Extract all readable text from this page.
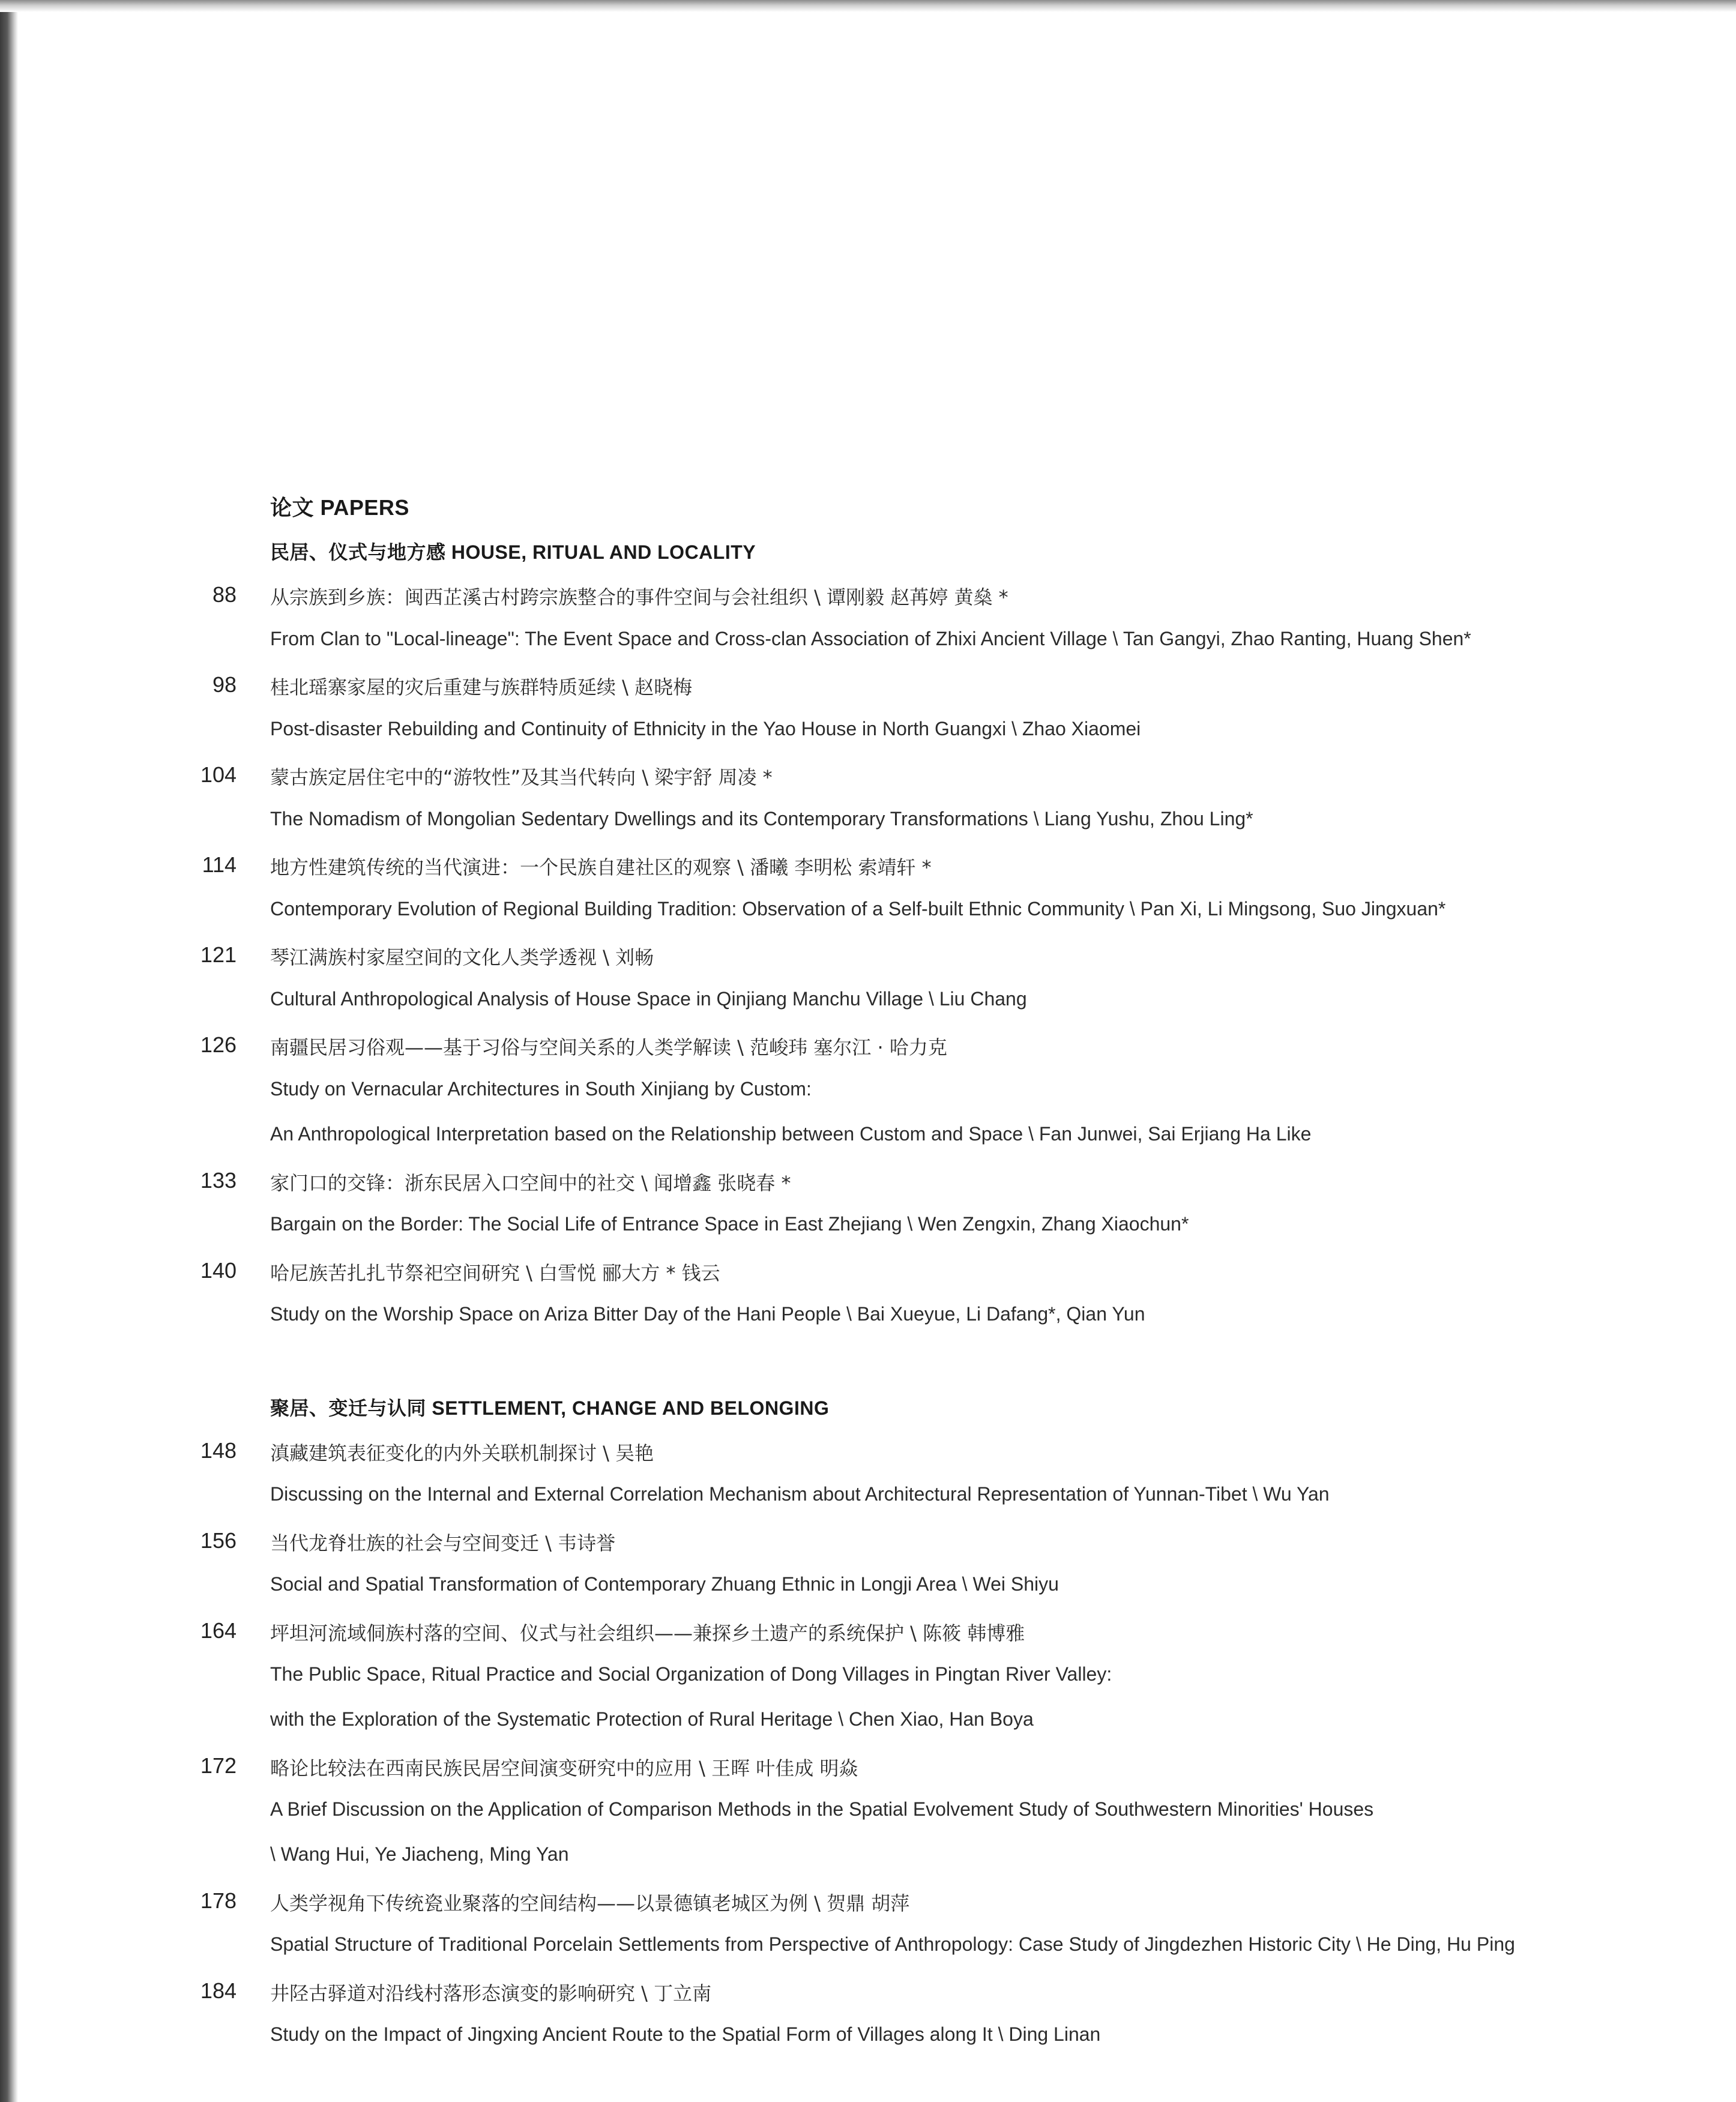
论文 PAPERS
民居、仪式与地方感 HOUSE, RITUAL AND LOCALITY
88 从宗族到乡族：闽西芷溪古村跨宗族整合的事件空间与会社组织 \ 谭刚毅 赵苒婷 黄燊 *
From Clan to "Local-lineage": The Event Space and Cross-clan Association of Zhixi Ancient Village \ Tan Gangyi, Zhao Ranting, Huang Shen*
98 桂北瑶寨家屋的灾后重建与族群特质延续 \ 赵晓梅
Post-disaster Rebuilding and Continuity of Ethnicity in the Yao House in North Guangxi \ Zhao Xiaomei
104 蒙古族定居住宅中的“游牧性”及其当代转向 \ 梁宇舒 周凌 *
The Nomadism of Mongolian Sedentary Dwellings and its Contemporary Transformations \ Liang Yushu, Zhou Ling*
114 地方性建筑传统的当代演进：一个民族自建社区的观察 \ 潘曦 李明松 索靖轩 *
Contemporary Evolution of Regional Building Tradition: Observation of a Self-built Ethnic Community \ Pan Xi, Li Mingsong, Suo Jingxuan*
121 琴江满族村家屋空间的文化人类学透视 \ 刘畅
Cultural Anthropological Analysis of House Space in Qinjiang Manchu Village \ Liu Chang
126 南疆民居习俗观——基于习俗与空间关系的人类学解读 \ 范峻玮 塞尔江 · 哈力克
Study on Vernacular Architectures in South Xinjiang by Custom:
An Anthropological Interpretation based on the Relationship between Custom and Space \ Fan Junwei, Sai Erjiang Ha Like
133 家门口的交锋：浙东民居入口空间中的社交 \ 闻增鑫 张晓春 *
Bargain on the Border: The Social Life of Entrance Space in East Zhejiang \ Wen Zengxin, Zhang Xiaochun*
140 哈尼族苦扎扎节祭祀空间研究 \ 白雪悦 郦大方 * 钱云
Study on the Worship Space on Ariza Bitter Day of the Hani People \ Bai Xueyue, Li Dafang*, Qian Yun
聚居、变迁与认同 SETTLEMENT, CHANGE AND BELONGING
148 滇藏建筑表征变化的内外关联机制探讨 \ 吴艳
Discussing on the Internal and External Correlation Mechanism about Architectural Representation of Yunnan-Tibet \ Wu Yan
156 当代龙脊壮族的社会与空间变迁 \ 韦诗誉
Social and Spatial Transformation of Contemporary Zhuang Ethnic in Longji Area \ Wei Shiyu
164 坪坦河流域侗族村落的空间、仪式与社会组织——兼探乡土遗产的系统保护 \ 陈筱 韩博雅
The Public Space, Ritual Practice and Social Organization of Dong Villages in Pingtan River Valley:
with the Exploration of the Systematic Protection of Rural Heritage \ Chen Xiao, Han Boya
172 略论比较法在西南民族民居空间演变研究中的应用 \ 王晖 叶佳成 明焱
A Brief Discussion on the Application of Comparison Methods in the Spatial Evolvement Study of Southwestern Minorities' Houses
\ Wang Hui, Ye Jiacheng, Ming Yan
178 人类学视角下传统瓷业聚落的空间结构——以景德镇老城区为例 \ 贺鼎 胡萍
Spatial Structure of Traditional Porcelain Settlements from Perspective of Anthropology: Case Study of Jingdezhen Historic City \ He Ding, Hu Ping
184 井陉古驿道对沿线村落形态演变的影响研究 \ 丁立南
Study on the Impact of Jingxing Ancient Route to the Spatial Form of Villages along It \ Ding Linan
